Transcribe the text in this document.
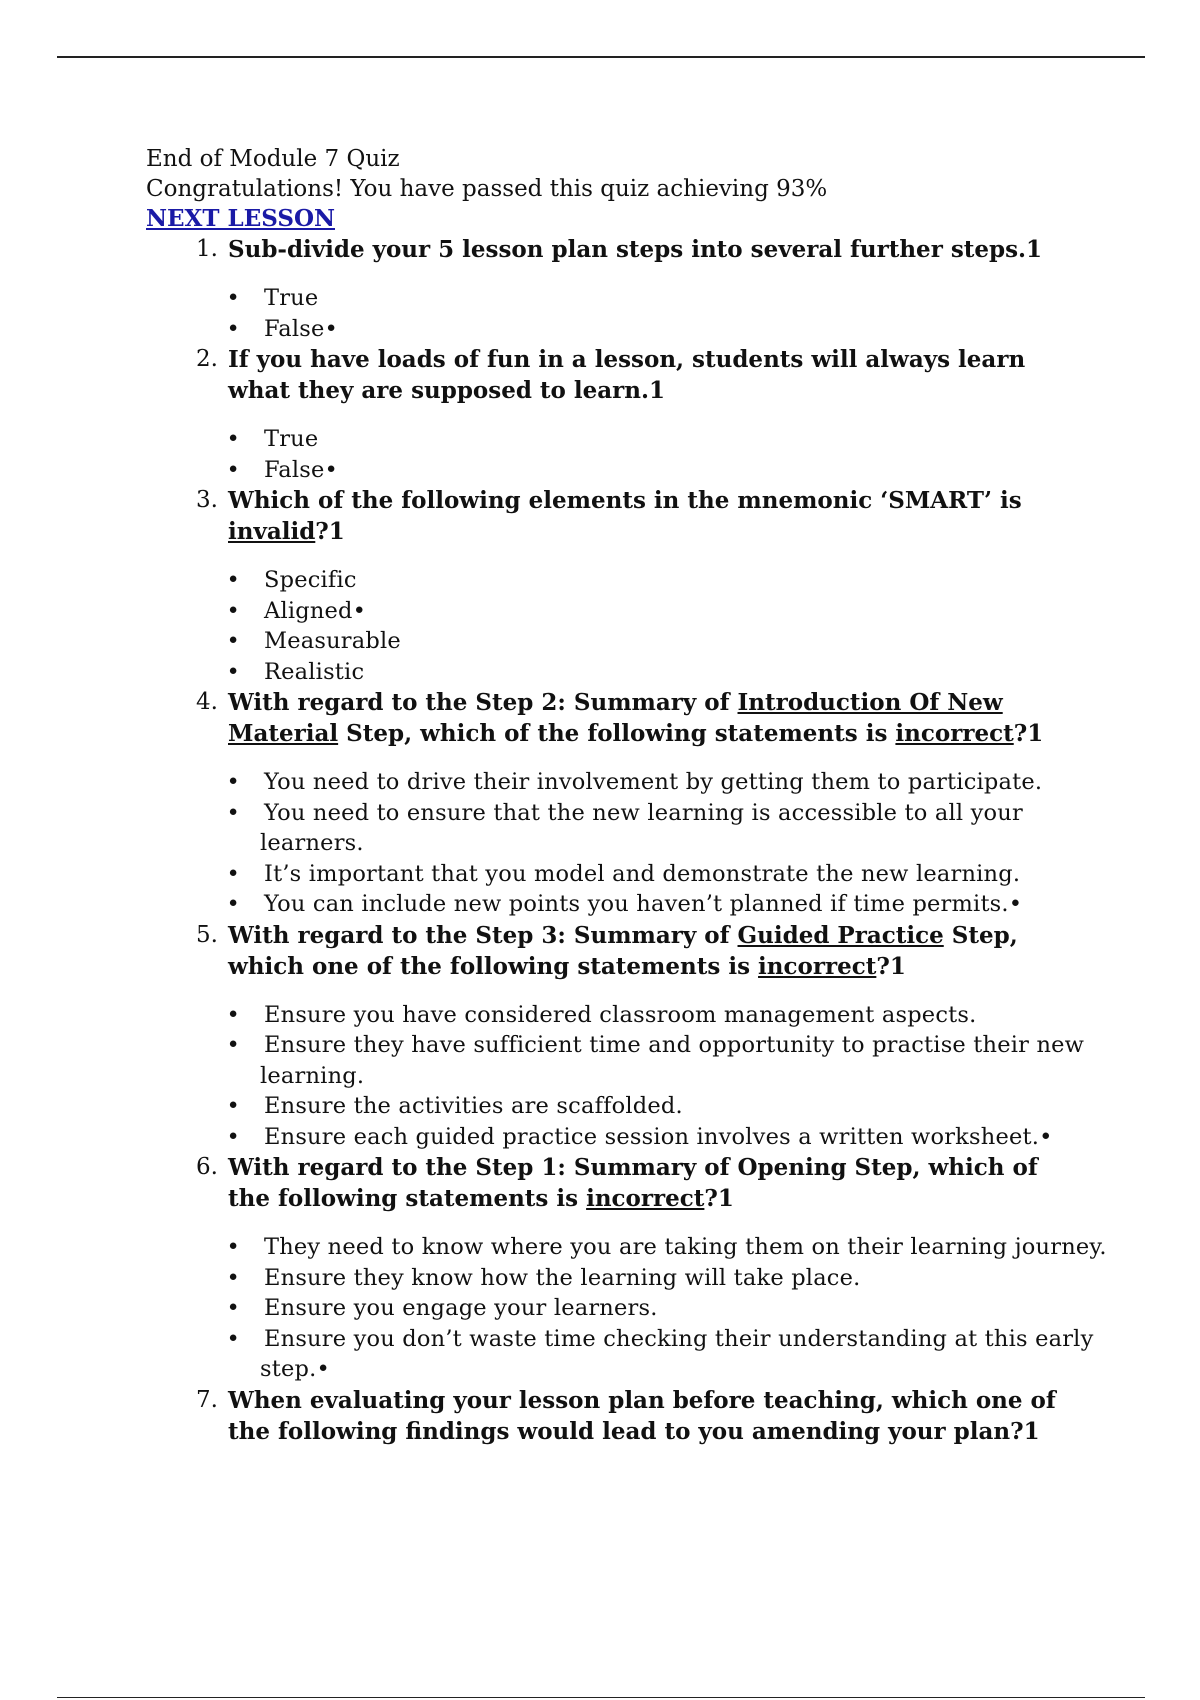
End of Module 7 Quiz

Congratulations! You have passed this quiz achieving 93%

NEXT LESSON

1. Sub-divide your 5 lesson plan steps into several further steps.1
•	True
•	False•
2. If you have loads of fun in a lesson, students will always learn what they are supposed to learn.1
•	True
•	False•
3. Which of the following elements in the mnemonic ‘SMART’ is invalid?1
•	Specific
•	Aligned•
•	Measurable
•	Realistic
4. With regard to the Step 2: Summary of Introduction Of New Material Step, which of the following statements is incorrect?1
•	You need to drive their involvement by getting them to participate.
•	You need to ensure that the new learning is accessible to all your learners.
•	It’s important that you model and demonstrate the new learning.
•	You can include new points you haven’t planned if time permits.•
5. With regard to the Step 3: Summary of Guided Practice Step, which one of the following statements is incorrect?1
•	Ensure you have considered classroom management aspects.
•	Ensure they have sufficient time and opportunity to practise their new learning.
•	Ensure the activities are scaffolded.
•	Ensure each guided practice session involves a written worksheet.•
6. With regard to the Step 1: Summary of Opening Step, which of the following statements is incorrect?1
•	They need to know where you are taking them on their learning journey.
•	Ensure they know how the learning will take place.
•	Ensure you engage your learners.
•	Ensure you don’t waste time checking their understanding at this early step.•
7. When evaluating your lesson plan before teaching, which one of the following findings would lead to you amending your plan?1
